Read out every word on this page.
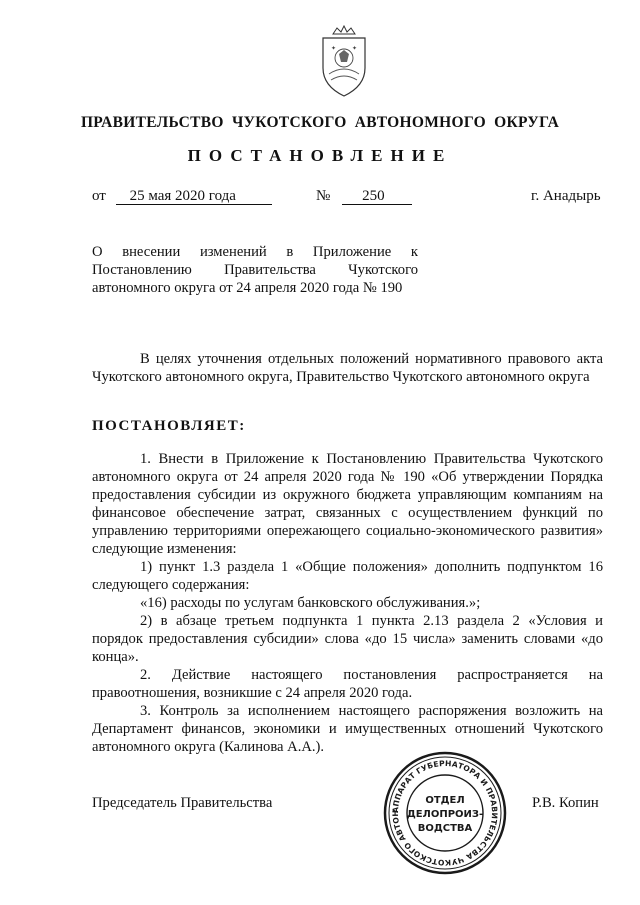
✦	✦
ПРАВИТЕЛЬСТВО ЧУКОТСКОГО АВТОНОМНОГО ОКРУГА
ПОСТАНОВЛЕНИЕ
от 25 мая 2020 года	№ 250	г. Анадырь
О внесении изменений в Приложение к
Постановлению Правительства Чукотского
автономного округа от 24 апреля 2020 года № 190

В целях уточнения отдельных положений нормативного правового акта Чукотского автономного округа, Правительство Чукотского автономного округа

ПОСТАНОВЛЯЕТ:

1. Внести в Приложение к Постановлению Правительства Чукотского автономного округа от 24 апреля 2020 года № 190 «Об утверждении Порядка предоставления субсидии из окружного бюджета управляющим компаниям на финансовое обеспечение затрат, связанных с осуществлением функций по управлению территориями опережающего социально-экономического развития» следующие изменения:

1) пункт 1.3 раздела 1 «Общие положения» дополнить подпунктом 16 следующего содержания:

«16) расходы по услугам банковского обслуживания.»;

2) в абзаце третьем подпункта 1 пункта 2.13 раздела 2 «Условия и порядок предоставления субсидии» слова «до 15 числа» заменить словами «до конца».

2. Действие настоящего постановления распространяется на правоотношения, возникшие с 24 апреля 2020 года.

3. Контроль за исполнением настоящего распоряжения возложить на Департамент финансов, экономики и имущественных отношений Чукотского автономного округа (Калинова А.А.).

Председатель Правительства	Р.В. Копин
АППАРАТ ГУБЕРНАТОРА И ПРАВИТЕЛЬСТВА ЧУКОТСКОГО АВТОН
ОТДЕЛ
ДЕЛОПРОИЗ-
ВОДСТВА
